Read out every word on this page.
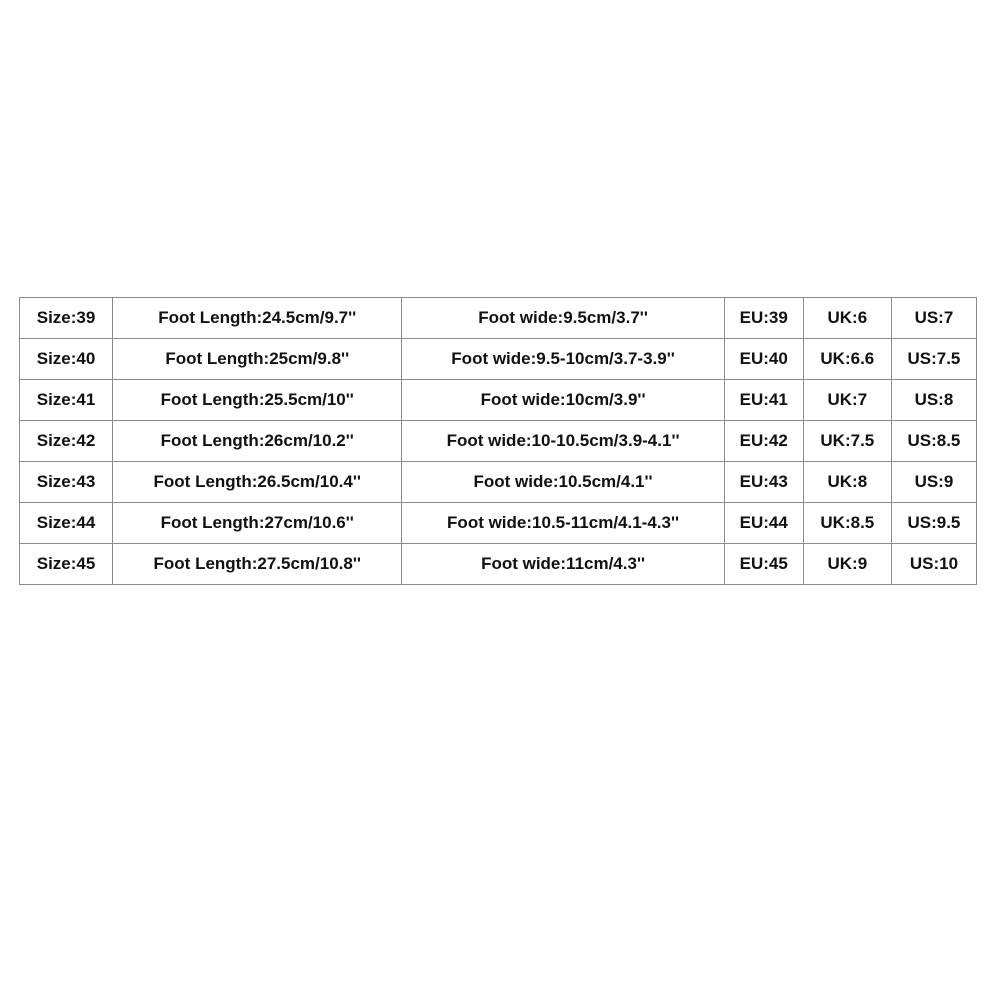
Size:39	Foot Length:24.5cm/9.7''	Foot wide:9.5cm/3.7''	EU:39	UK:6	US:7
Size:40	Foot Length:25cm/9.8''	Foot wide:9.5-10cm/3.7-3.9''	EU:40	UK:6.6	US:7.5
Size:41	Foot Length:25.5cm/10''	Foot wide:10cm/3.9''	EU:41	UK:7	US:8
Size:42	Foot Length:26cm/10.2''	Foot wide:10-10.5cm/3.9-4.1''	EU:42	UK:7.5	US:8.5
Size:43	Foot Length:26.5cm/10.4''	Foot wide:10.5cm/4.1''	EU:43	UK:8	US:9
Size:44	Foot Length:27cm/10.6''	Foot wide:10.5-11cm/4.1-4.3''	EU:44	UK:8.5	US:9.5
Size:45	Foot Length:27.5cm/10.8''	Foot wide:11cm/4.3''	EU:45	UK:9	US:10
